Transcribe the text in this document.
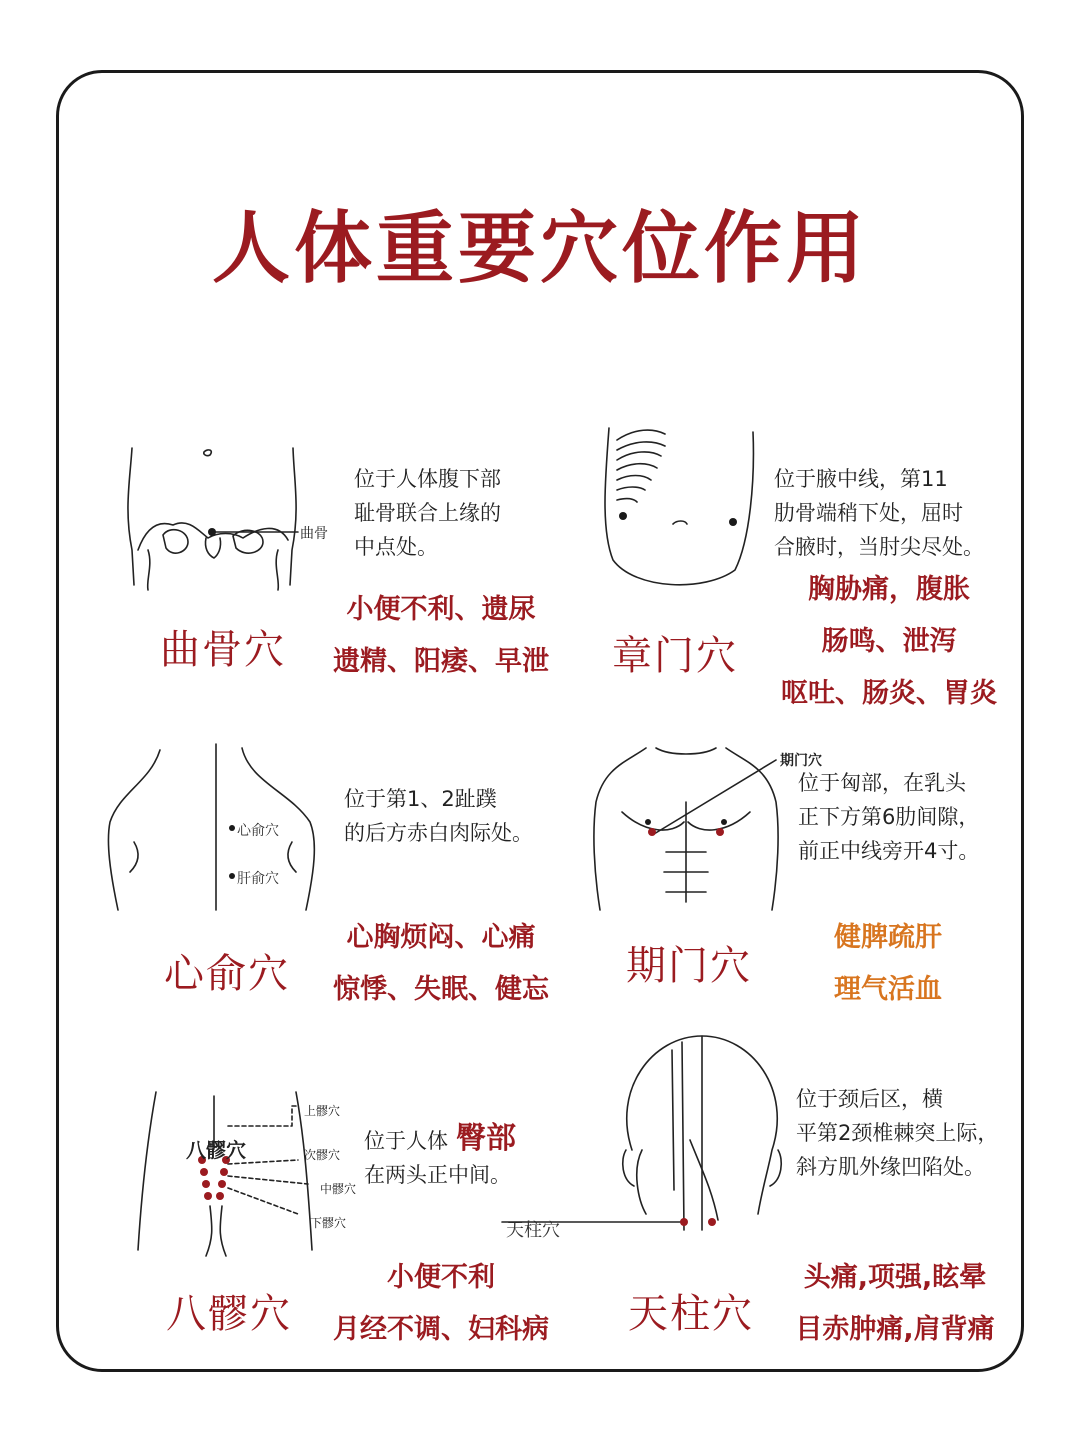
人体重要穴位作用
曲骨
位于人体腹下部
耻骨联合上缘的
中点处。
曲骨穴
小便不利、遗尿
遗精、阳痿、早泄
位于腋中线，第11
肋骨端稍下处，屈时
合腋时，当肘尖尽处。
章门穴
胸胁痛，腹胀
肠鸣、泄泻
呕吐、肠炎、胃炎
心俞穴
肝俞穴
位于第1、2趾蹼
的后方赤白肉际处。
心俞穴
心胸烦闷、心痛
惊悸、失眠、健忘
期门穴
位于匈部，在乳头
正下方第6肋间隙，
前正中线旁开4寸。
期门穴
健脾疏肝
理气活血
八髎穴
上髎穴
次髎穴
中髎穴
下髎穴
位于人体 臀部
在两头正中间。
八髎穴
小便不利
月经不调、妇科病
天柱穴
位于颈后区，横
平第2颈椎棘突上际，
斜方肌外缘凹陷处。
天柱穴
头痛,项强,眩晕
目赤肿痛,肩背痛
